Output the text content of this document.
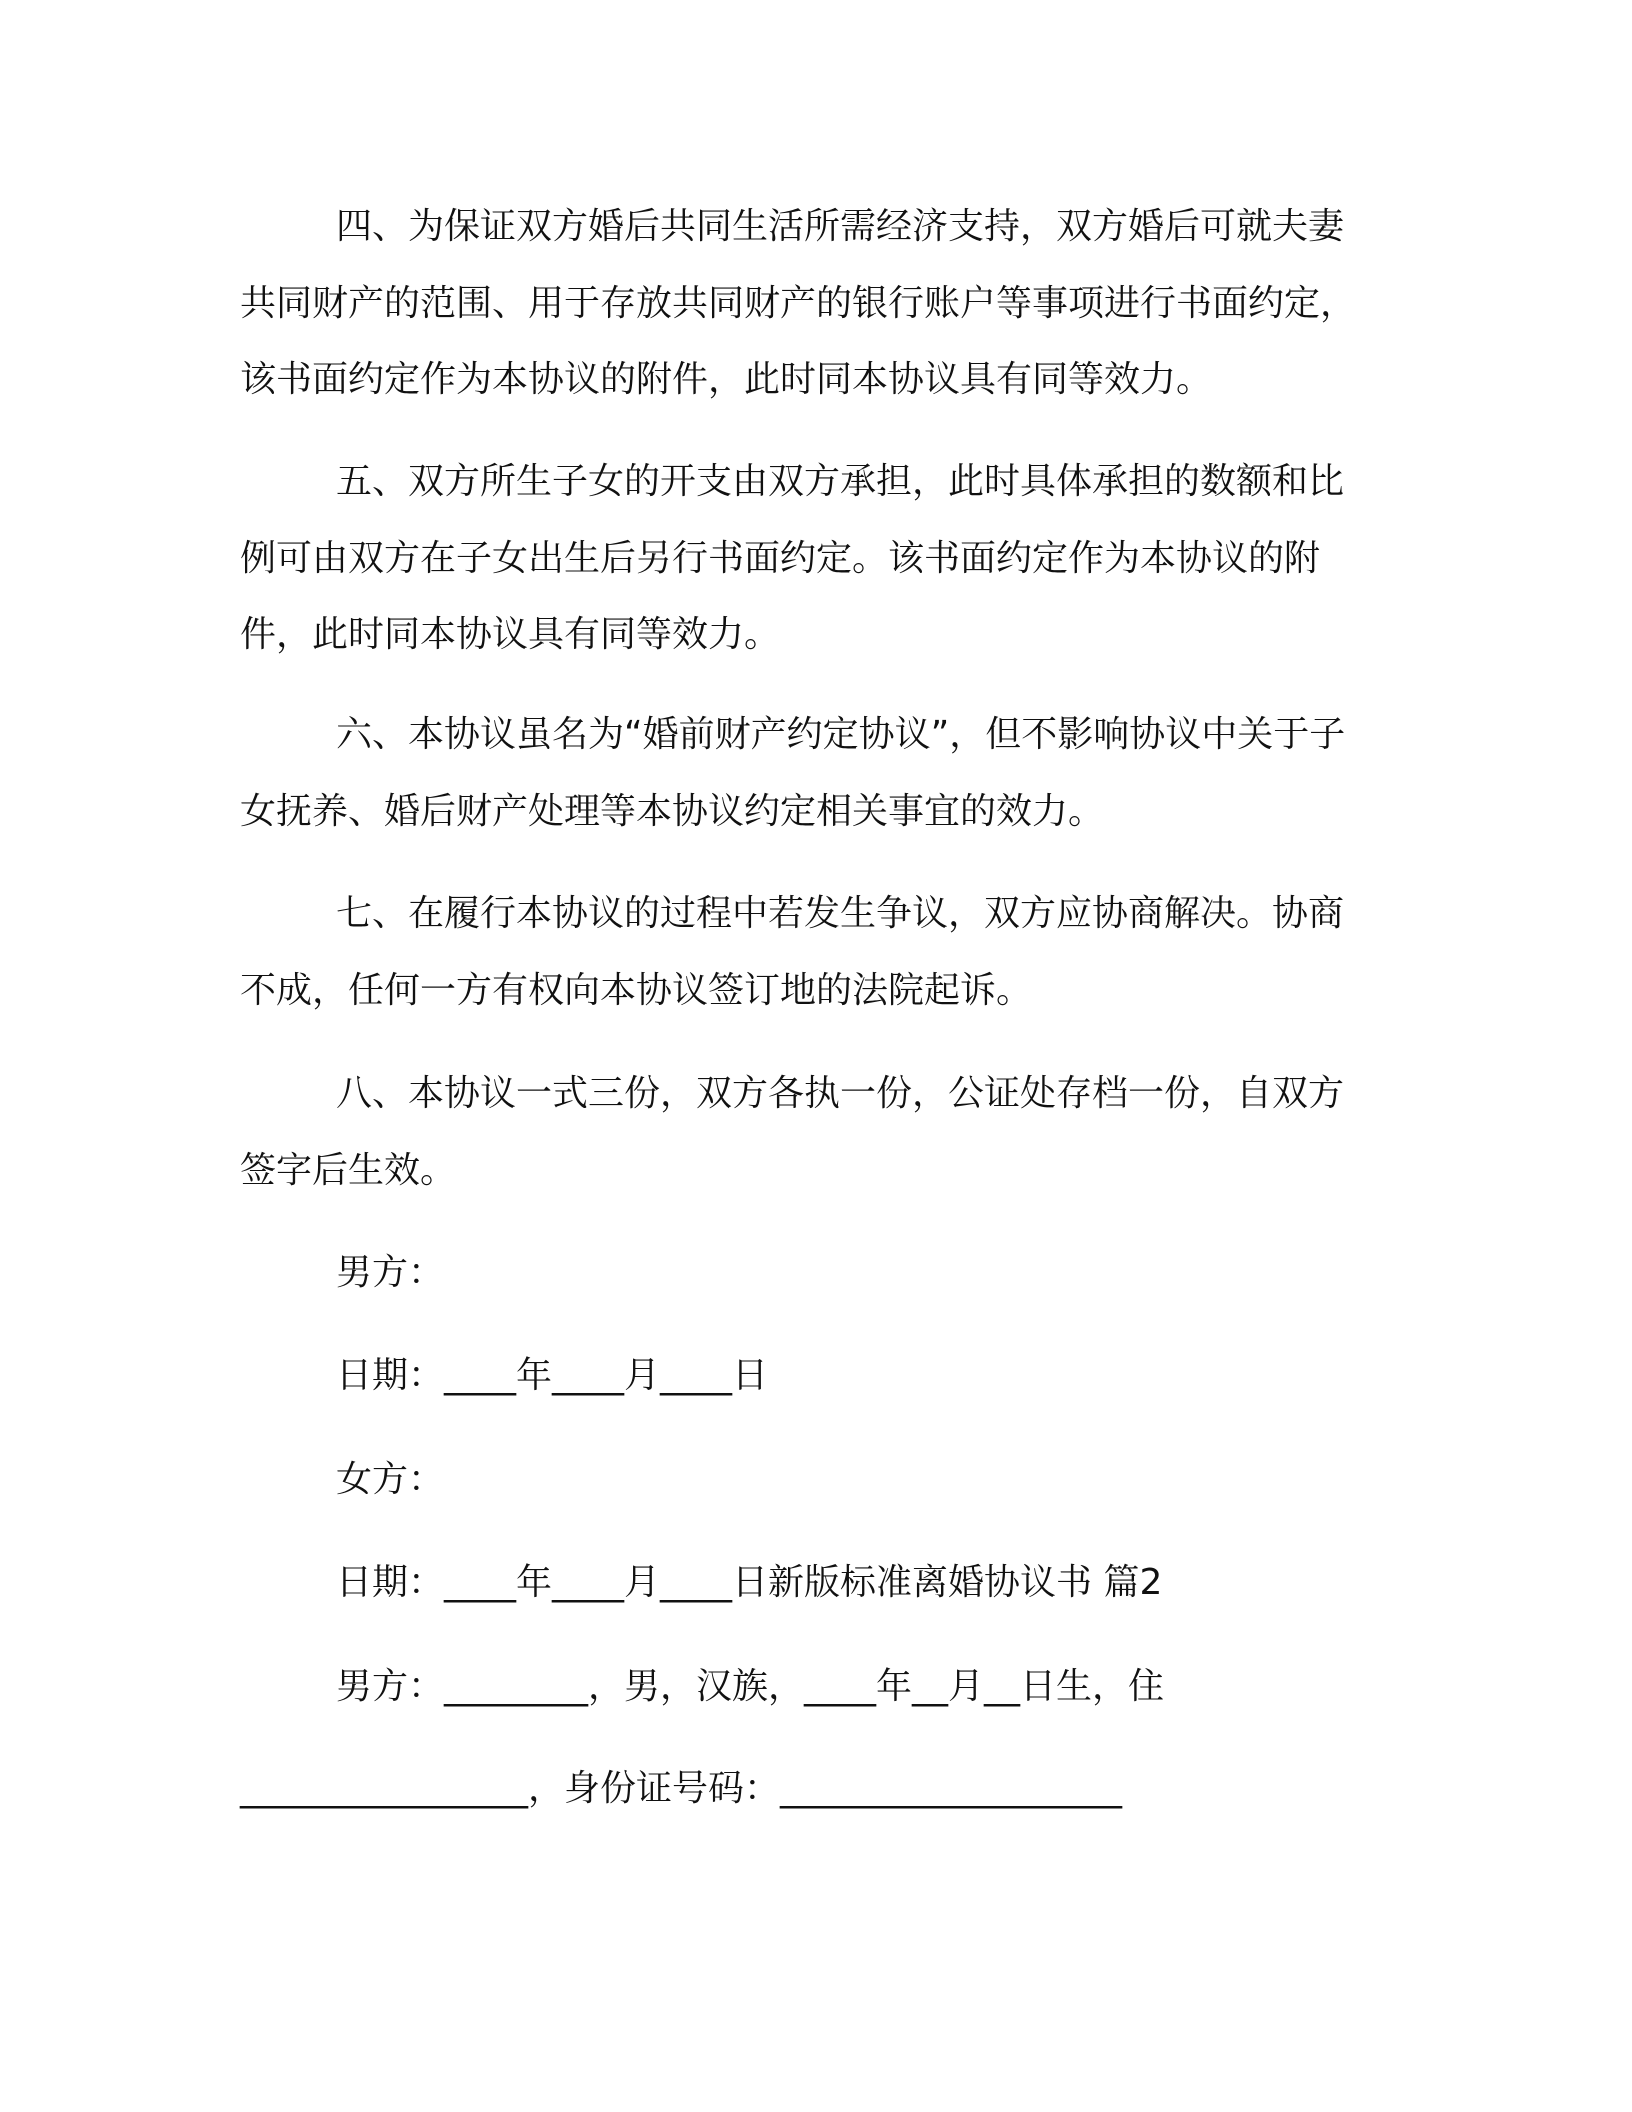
四、为保证双方婚后共同生活所需经济支持，双方婚后可就夫妻共同财产的范围、用于存放共同财产的银行账户等事项进行书面约定，该书面约定作为本协议的附件，此时同本协议具有同等效力。

五、双方所生子女的开支由双方承担，此时具体承担的数额和比例可由双方在子女出生后另行书面约定。该书面约定作为本协议的附件，此时同本协议具有同等效力。

六、本协议虽名为“婚前财产约定协议”，但不影响协议中关于子女抚养、婚后财产处理等本协议约定相关事宜的效力。

七、在履行本协议的过程中若发生争议，双方应协商解决。协商不成，任何一方有权向本协议签订地的法院起诉。

八、本协议一式三份，双方各执一份，公证处存档一份，自双方签字后生效。

男方：

日期：____年____月____日

女方：

日期：____年____月____日新版标准离婚协议书 篇2

男方：________，男，汉族，____年__月__日生，住

________________，身份证号码：___________________
